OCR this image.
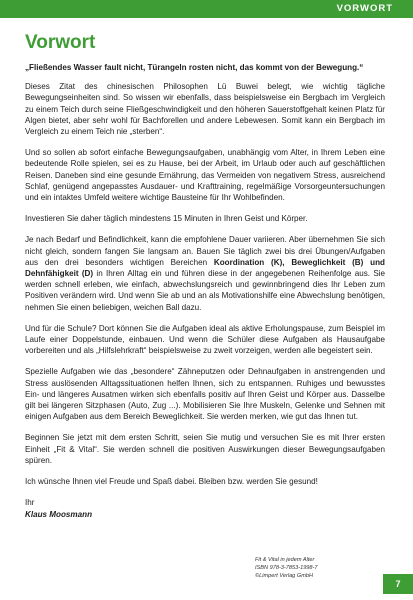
VORWORT
Vorwort

„Fließendes Wasser fault nicht, Türangeln rosten nicht, das kommt von der Bewegung.“

Dieses Zitat des chinesischen Philosophen Lü Buwei belegt, wie wichtig tägliche Bewegungseinheiten sind. So wissen wir ebenfalls, dass beispielsweise ein Bergbach im Vergleich zu einem Teich durch seine Fließgeschwindigkeit und den höheren Sauerstoffgehalt keinen Platz für Algen bietet, aber sehr wohl für Bachforellen und andere Lebewesen. Somit kann ein Bergbach im Vergleich zu einem Teich nie „sterben“.

Und so sollen ab sofort einfache Bewegungsaufgaben, unabhängig vom Alter, in Ihrem Leben eine bedeutende Rolle spielen, sei es zu Hause, bei der Arbeit, im Urlaub oder auch auf geschäftlichen Reisen. Daneben sind eine gesunde Ernährung, das Vermeiden von negativem Stress, ausreichend Schlaf, genügend angepasstes Ausdauer- und Krafttraining, regelmäßige Vorsorgeuntersuchungen und ein intaktes Umfeld weitere wichtige Bausteine für Ihr Wohlbefinden.

Investieren Sie daher täglich mindestens 15 Minuten in Ihren Geist und Körper.

Je nach Bedarf und Befindlichkeit, kann die empfohlene Dauer variieren. Aber übernehmen Sie sich nicht gleich, sondern fangen Sie langsam an. Bauen Sie täglich zwei bis drei Übungen/Aufgaben aus den drei besonders wichtigen Bereichen Koordination (K), Beweglichkeit (B) und Dehnfähigkeit (D) in Ihren Alltag ein und führen diese in der angegebenen Reihenfolge aus. Sie werden schnell erleben, wie einfach, abwechslungsreich und gewinnbringend dies Ihr Leben zum Positiven verändern wird. Und wenn Sie ab und an als Motivationshilfe eine Abwechslung benötigen, nehmen Sie einen beliebigen, weichen Ball dazu.

Und für die Schule? Dort können Sie die Aufgaben ideal als aktive Erholungspause, zum Beispiel im Laufe einer Doppelstunde, einbauen. Und wenn die Schüler diese Aufgaben als Hausaufgabe vorbereiten und als „Hilfslehrkraft“ beispielsweise zu zweit vorzeigen, werden alle begeistert sein.

Spezielle Aufgaben wie das „besondere“ Zähneputzen oder Dehnaufgaben in anstrengenden und Stress auslösenden Alltagssituationen helfen Ihnen, sich zu entspannen. Ruhiges und bewusstes Ein- und längeres Ausatmen wirken sich ebenfalls positiv auf Ihren Geist und Körper aus. Dasselbe gilt bei längeren Sitzphasen (Auto, Zug ...). Mobilisieren Sie Ihre Muskeln, Gelenke und Sehnen mit einigen Aufgaben aus dem Bereich Beweglichkeit. Sie werden merken, wie gut das Ihnen tut.

Beginnen Sie jetzt mit dem ersten Schritt, seien Sie mutig und versuchen Sie es mit Ihrer ersten Einheit „Fit & Vital“. Sie werden schnell die positiven Auswirkungen dieser Bewegungsaufgaben spüren.

Ich wünsche Ihnen viel Freude und Spaß dabei. Bleiben bzw. werden Sie gesund!

Ihr
Klaus Moosmann
Fit & Vital in jedem Alter
ISBN 978-3-7853-1998-7
©Limpert Verlag GmbH
7
